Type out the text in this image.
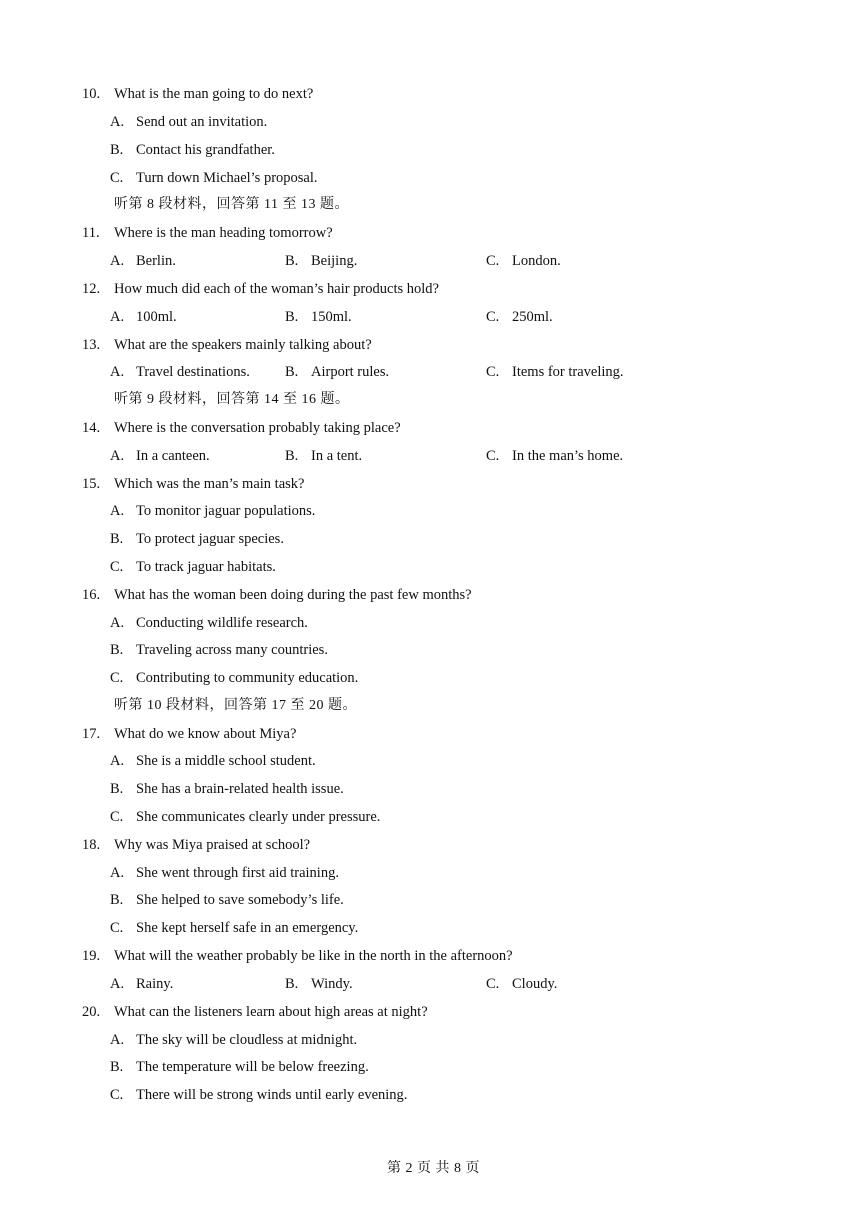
10. What is the man going to do next?
A. Send out an invitation.
B. Contact his grandfather.
C. Turn down Michael’s proposal.
听第 8 段材料，回答第 11 至 13 题。
11. Where is the man heading tomorrow?
A. Berlin.	B. Beijing.	C. London.
12. How much did each of the woman’s hair products hold?
A. 100ml.	B. 150ml.	C. 250ml.
13. What are the speakers mainly talking about?
A. Travel destinations. B. Airport rules.	C. Items for traveling.
听第 9 段材料，回答第 14 至 16 题。
14. Where is the conversation probably taking place?
A. In a canteen.	B. In a tent.	C. In the man’s home.
15. Which was the man’s main task?
A. To monitor jaguar populations.
B. To protect jaguar species.
C. To track jaguar habitats.
16. What has the woman been doing during the past few months?
A. Conducting wildlife research.
B. Traveling across many countries.
C. Contributing to community education.
听第 10 段材料，回答第 17 至 20 题。
17. What do we know about Miya?
A. She is a middle school student.
B. She has a brain-related health issue.
C. She communicates clearly under pressure.
18. Why was Miya praised at school?
A. She went through first aid training.
B. She helped to save somebody’s life.
C. She kept herself safe in an emergency.
19. What will the weather probably be like in the north in the afternoon?
A. Rainy.	B. Windy.	C. Cloudy.
20. What can the listeners learn about high areas at night?
A. The sky will be cloudless at midnight.
B. The temperature will be below freezing.
C. There will be strong winds until early evening.
第 2 页 共 8 页
